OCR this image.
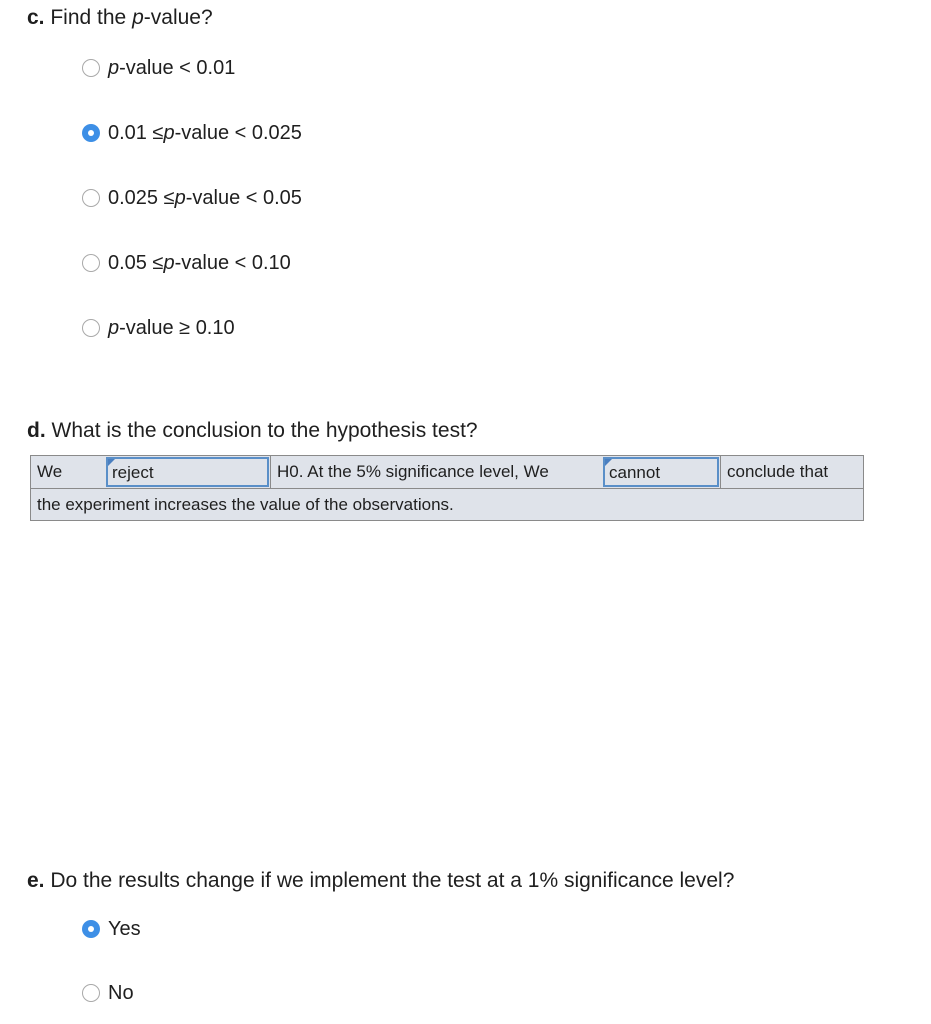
c. Find the p-value?
p -value < 0.01
0.01 ≤ p -value < 0.025
0.025 ≤ p -value < 0.05
0.05 ≤ p -value < 0.10
p -value ≥ 0.10
d. What is the conclusion to the hypothesis test?
We	reject	H0. At the 5% significance level, We	cannot	conclude that
the experiment increases the value of the observations.
e. Do the results change if we implement the test at a 1% significance level?
Yes
No
